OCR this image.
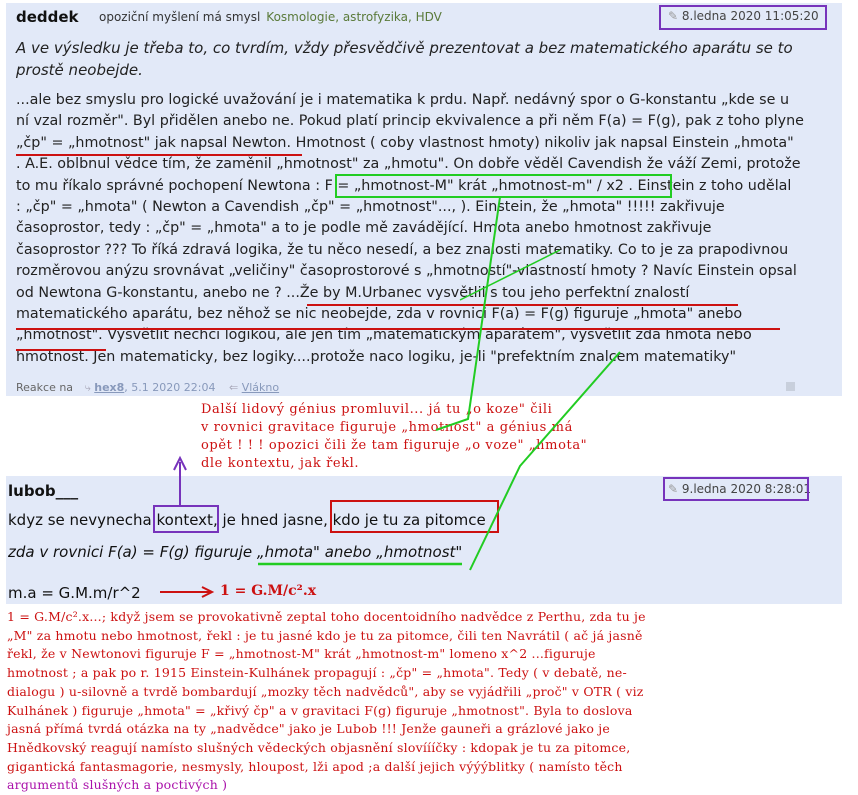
deddek opoziční myšlení má smysl Kosmologie, astrofyzika, HDV	✎ 8.ledna 2020 11:05:20
A ve výsledku je třeba to, co tvrdím, vždy přesvědčivě prezentovat a bez matematického aparátu se to prostě neobejde.
...ale bez smyslu pro logické uvažování je i matematika k prdu. Např. nedávný spor o G-konstantu „kde se u
ní vzal rozměr". Byl přidělen anebo ne. Pokud platí princip ekvivalence a při něm F(a) = F(g), pak z toho plyne
„čp" = „hmotnost" jak napsal Newton. Hmotnost ( coby vlastnost hmoty) nikoliv jak napsal Einstein „hmota"
. A.E. oblbnul vědce tím, že zaměnil „hmotnost" za „hmotu". On dobře věděl Cavendish že váží Zemi, protože
to mu říkalo správné pochopení Newtona : F = „hmotnost-M" krát „hmotnost-m" / x2 . Einstein z toho udělal
: „čp" = „hmota" ( Newton a Cavendish „čp" = „hmotnost"..., ). Einstein, že „hmota" !!!!! zakřivuje
časoprostor, tedy : „čp" = „hmota" a to je podle mě zavádějící. Hmota anebo hmotnost zakřivuje
časoprostor ??? To říká zdravá logika, že tu něco nesedí, a bez znalosti matematiky. Co to je za prapodivnou
rozměrovou anýzu srovnávat „veličiny" časoprostorové s „hmotností"-vlastností hmoty ? Navíc Einstein opsal
od Newtona G-konstantu, anebo ne ? ...Že by M.Urbanec vysvětlil s tou jeho perfektní znalostí
matematického aparátu, bez něhož se nic neobejde, zda v rovnici F(a) = F(g) figuruje „hmota" anebo
„hmotnost". Vysvětlit nechci logikou, ale jen tím „matematickým aparátem", vysvětlit zda hmota nebo
hmotnost. Jen matematicky, bez logiky....protože naco logiku, je-li "prefektním znalcem matematiky"
Reakce na ⤷ hex8, 5.1 2020 22:04 ⇐ Vlákno
Další lidový génius promluvil... já tu „o koze" čili
v rovnici gravitace figuruje „hmotnost" a génius má
opět ! ! ! opozici čili že tam figuruje „o voze" „hmota"
dle kontextu, jak řekl.
lubob___	✎ 9.ledna 2020 8:28:01
kdyz se nevynecha kontext, je hned jasne, kdo je tu za pitomce
zda v rovnici F(a) = F(g) figuruje „hmota" anebo „hmotnost"
m.a = G.M.m/r^2	1 = G.M/c².x
1 = G.M/c².x...; když jsem se provokativně zeptal toho docentoidního nadvědce z Perthu, zda tu je
„M" za hmotu nebo hmotnost, řekl : je tu jasné kdo je tu za pitomce, čili ten Navrátil ( ač já jasně
řekl, že v Newtonovi figuruje F = „hmotnost-M" krát „hmotnost-m" lomeno x^2 ...figuruje
hmotnost ; a pak po r. 1915 Einstein-Kulhánek propagují : „čp" = „hmota". Tedy ( v debatě, ne-
dialogu ) u-silovně a tvrdě bombardují „mozky těch nadvědců", aby se vyjádřili „proč" v OTR ( viz
Kulhánek ) figuruje „hmota" = „křivý čp" a v gravitaci F(g) figuruje „hmotnost". Byla to doslova
jasná přímá tvrdá otázka na ty „nadvědce" jako je Lubob !!! Jenže gauneři a grázlové jako je
Hnědkovský reagují namísto slušných vědeckých objasnění slovíííčky : kdopak je tu za pitomce,
gigantická fantasmagorie, nesmysly, hloupost, lži apod ;a další jejich výýýblitky ( namísto těch
argumentů slušných a poctivých )
